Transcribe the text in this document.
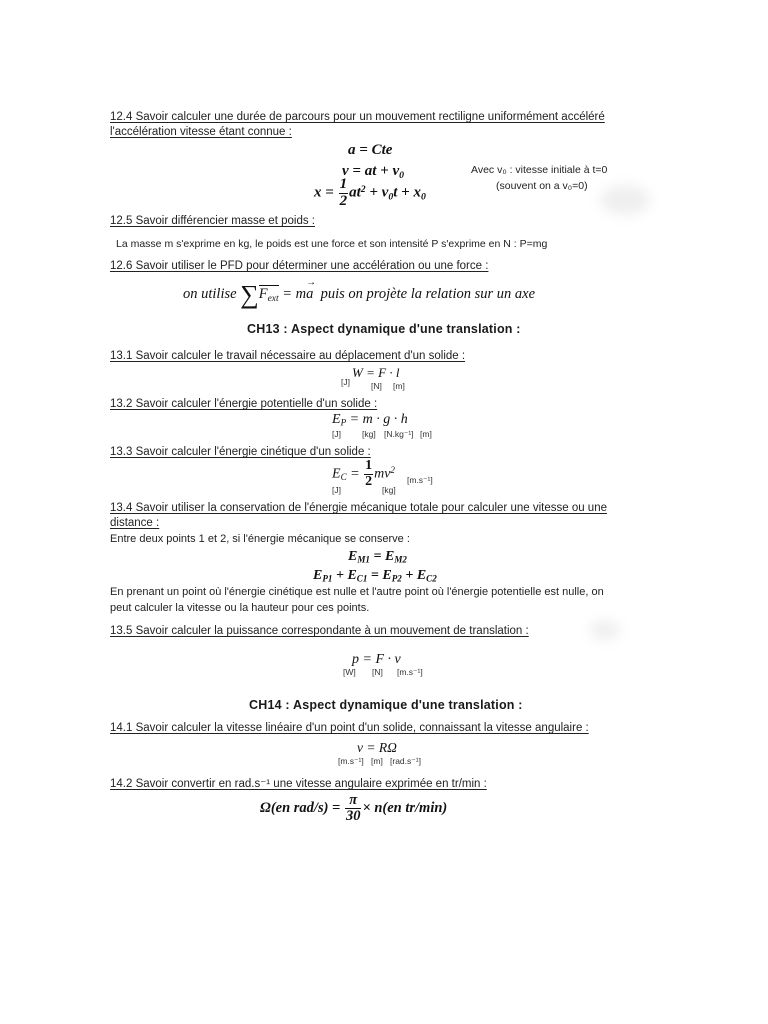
12.4 Savoir calculer une durée de parcours pour un mouvement rectiligne uniformément accéléré
l'accélération vitesse étant connue :
a = Cte
v = at + $v_0$
$x = \frac{1}{2} at^2 + v_0t + x_0$
Avec v₀ : vitesse initiale à t=0
(souvent on a v₀=0)
12.5 Savoir différencier masse et poids :
La masse m s'exprime en kg, le poids est une force et son intensité P s'exprime en N : P=mg
12.6 Savoir utiliser le PFD pour déterminer une accélération ou une force :
on utilise $\sum F_{ext} = m\to a$ puis on projète la relation sur un axe
CH13 : Aspect dynamique d'une translation :
13.1 Savoir calculer le travail nécessaire au déplacement d'un solide :
W = F · l
[J] [N] [m]
13.2 Savoir calculer l'énergie potentielle d'un solide :
$E_P = m \cdot g \cdot h$
[J] [kg] [N.kg⁻¹] [m]
13.3 Savoir calculer l'énergie cinétique d'un solide :
$E_C = \frac{1}{2} mv^2$
[m.s⁻¹]
[J]	[kg]
13.4 Savoir utiliser la conservation de l'énergie mécanique totale pour calculer une vitesse ou une
distance :
Entre deux points 1 et 2, si l'énergie mécanique se conserve :
$E_{M1} = E_{M2}$
$E_{P1} + E_{C1} = E_{P2} + E_{C2}$
En prenant un point où l'énergie cinétique est nulle et l'autre point où l'énergie potentielle est nulle, on
peut calculer la vitesse ou la hauteur pour ces points.
13.5 Savoir calculer la puissance correspondante à un mouvement de translation :
p = F · v
[W] [N] [m.s⁻¹]
CH14 : Aspect dynamique d'une translation :
14.1 Savoir calculer la vitesse linéaire d'un point d'un solide, connaissant la vitesse angulaire :
v = RΩ
[m.s⁻¹] [m] [rad.s⁻¹]
14.2 Savoir convertir en rad.s⁻¹ une vitesse angulaire exprimée en tr/min :
Ω(en $rad/s) = \frac{\pi}{30} \times n(en$ tr/min)
